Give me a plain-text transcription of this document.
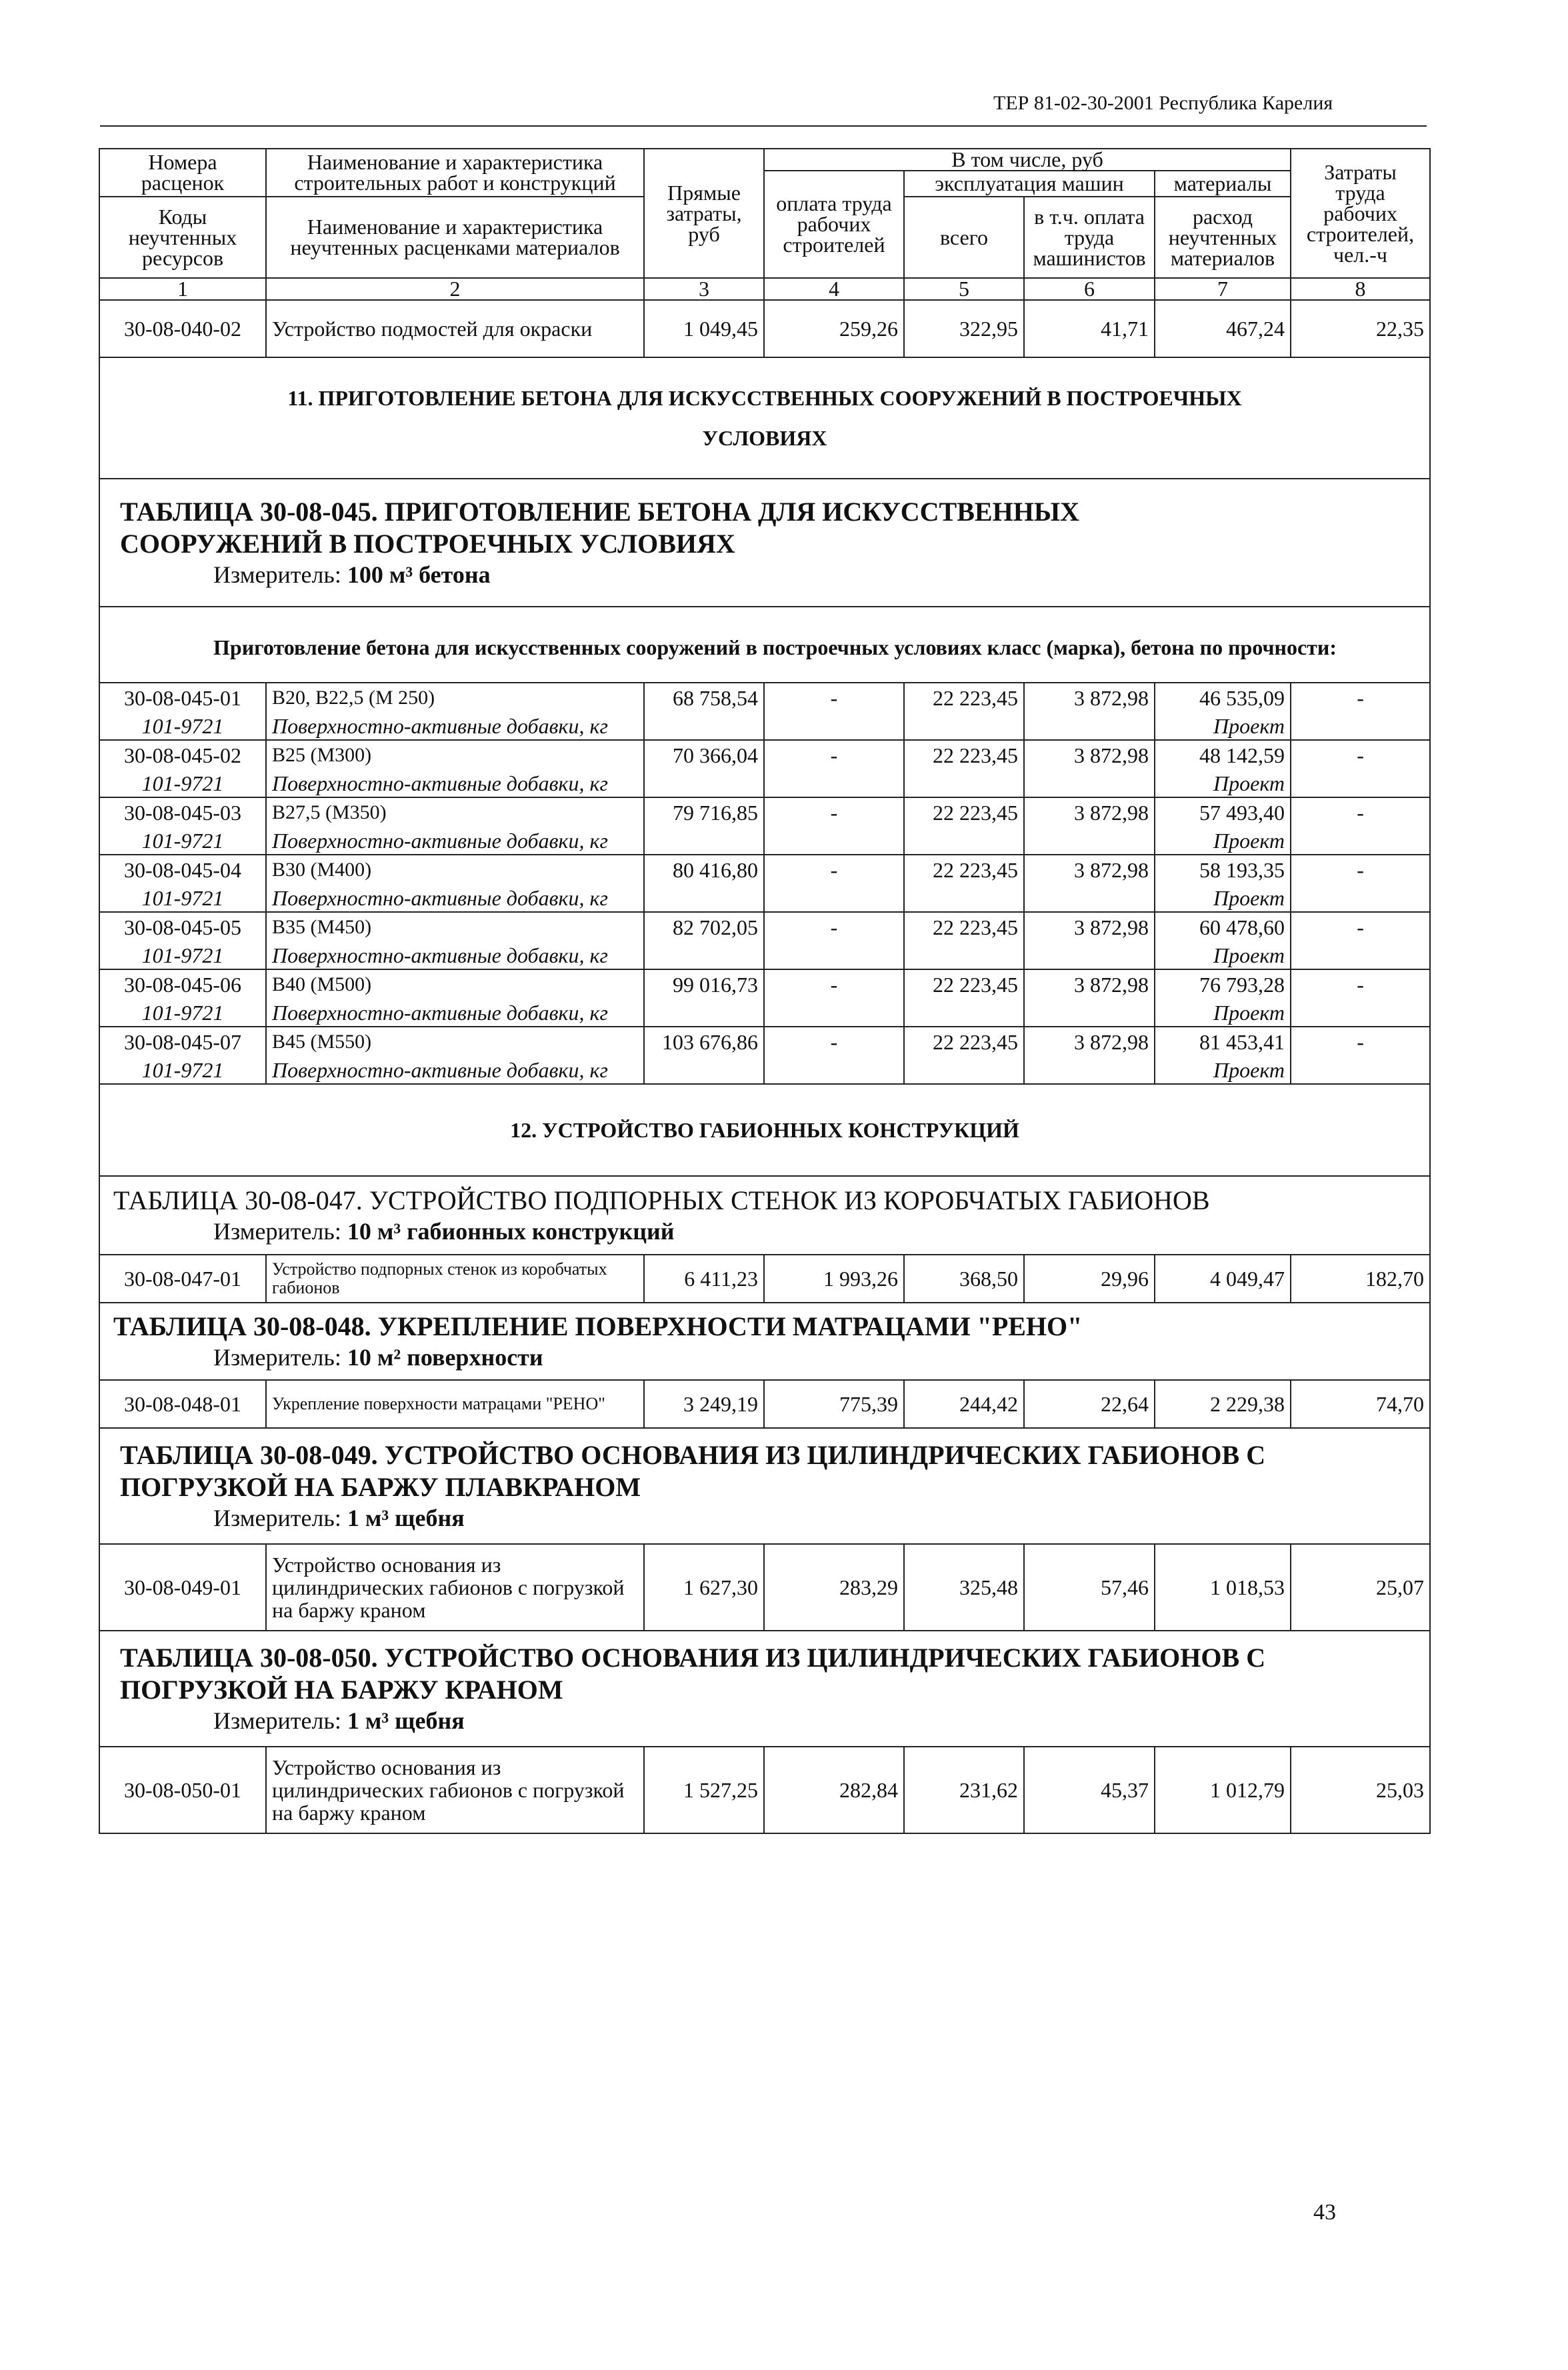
ТЕР 81-02-30-2001 Республика Карелия
Номера расценок	Наименование и характеристика строительных работ и конструкций	Прямые затраты, руб	В том числе, руб				Затраты труда рабочих строителей, чел.-ч
			оплата труда рабочих строителей	эксплуатация машин		материалы	
Коды неучтенных ресурсов	Наименование и характеристика неучтенных расценками материалов			всего	в т.ч. оплата труда машинистов	расход неучтенных материалов	

1	2	3	4	5	6	7	8
30-08-040-02	Устройство подмостей для окраски	1 049,45	259,26	322,95	41,71	467,24	22,35
11. ПРИГОТОВЛЕНИЕ БЕТОНА ДЛЯ ИСКУССТВЕННЫХ СООРУЖЕНИЙ В ПОСТРОЕЧНЫХ УСЛОВИЯХ							

ТАБЛИЦА 30-08-045. ПРИГОТОВЛЕНИЕ БЕТОНА ДЛЯ ИСКУССТВЕННЫХ СООРУЖЕНИЙ В ПОСТРОЕЧНЫХ УСЛОВИЯХ
Измеритель: 100 м³ бетона							

Приготовление бетона для искусственных сооружений в построечных условиях класс (марка), бетона по прочности:							
30-08-045-01	В20, В22,5 (М 250)	68 758,54	-	22 223,45	3 872,98	46 535,09	-
101-9721	Поверхностно-активные добавки, кг					Проект	
30-08-045-02	В25 (М300)	70 366,04	-	22 223,45	3 872,98	48 142,59	-
101-9721	Поверхностно-активные добавки, кг					Проект	
30-08-045-03	В27,5 (М350)	79 716,85	-	22 223,45	3 872,98	57 493,40	-
101-9721	Поверхностно-активные добавки, кг					Проект	
30-08-045-04	В30 (М400)	80 416,80	-	22 223,45	3 872,98	58 193,35	-
101-9721	Поверхностно-активные добавки, кг					Проект	
30-08-045-05	В35 (М450)	82 702,05	-	22 223,45	3 872,98	60 478,60	-
101-9721	Поверхностно-активные добавки, кг					Проект	
30-08-045-06	В40 (М500)	99 016,73	-	22 223,45	3 872,98	76 793,28	-
101-9721	Поверхностно-активные добавки, кг					Проект	
30-08-045-07	В45 (М550)	103 676,86	-	22 223,45	3 872,98	81 453,41	-
101-9721	Поверхностно-активные добавки, кг					Проект	
12. УСТРОЙСТВО ГАБИОННЫХ КОНСТРУКЦИЙ							

ТАБЛИЦА 30-08-047. УСТРОЙСТВО ПОДПОРНЫХ СТЕНОК ИЗ КОРОБЧАТЫХ ГАБИОНОВ
Измеритель: 10 м³ габионных конструкций							

30-08-047-01	Устройство подпорных стенок из коробчатых габионов	6 411,23	1 993,26	368,50	29,96	4 049,47	182,70

ТАБЛИЦА 30-08-048. УКРЕПЛЕНИЕ ПОВЕРХНОСТИ МАТРАЦАМИ "РЕНО"
Измеритель: 10 м² поверхности							

30-08-048-01	Укрепление поверхности матрацами "РЕНО"	3 249,19	775,39	244,42	22,64	2 229,38	74,70

ТАБЛИЦА 30-08-049. УСТРОЙСТВО ОСНОВАНИЯ ИЗ ЦИЛИНДРИЧЕСКИХ ГАБИОНОВ С ПОГРУЗКОЙ НА БАРЖУ ПЛАВКРАНОМ
Измеритель: 1 м³ щебня							

30-08-049-01	Устройство основания из цилиндрических габионов с погрузкой на баржу краном	1 627,30	283,29	325,48	57,46	1 018,53	25,07

ТАБЛИЦА 30-08-050. УСТРОЙСТВО ОСНОВАНИЯ ИЗ ЦИЛИНДРИЧЕСКИХ ГАБИОНОВ С ПОГРУЗКОЙ НА БАРЖУ КРАНОМ
Измеритель: 1 м³ щебня							

30-08-050-01	Устройство основания из цилиндрических габионов с погрузкой на баржу краном	1 527,25	282,84	231,62	45,37	1 012,79	25,03
43
